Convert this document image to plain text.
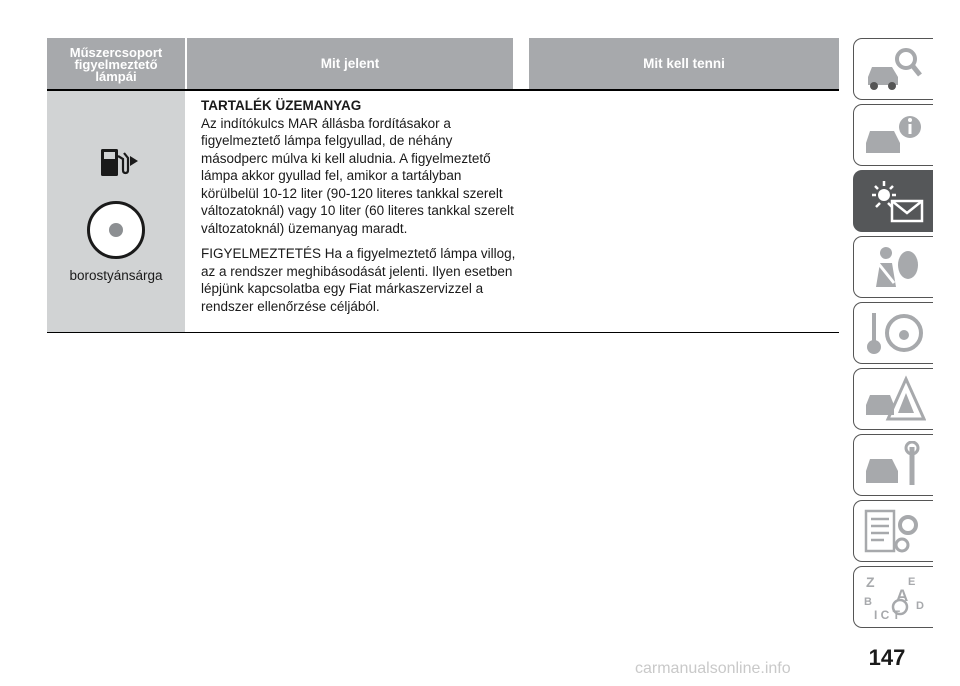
Műszercsoport
figyelmeztető
lámpái
Mit jelent	Mit kell tenni
borostyánsárga

TARTALÉK ÜZEMANYAG

Az indítókulcs MAR állásba fordításakor a figyelmeztető lámpa felgyullad, de néhány másodperc múlva ki kell aludnia. A figyelmeztető lámpa akkor gyullad fel, amikor a tartályban körülbelül 10-12 liter (90-120 literes tankkal szerelt változatoknál) vagy 10 liter (60 literes tankkal szerelt változatoknál) üzemanyag maradt.

FIGYELMEZTETÉS Ha a figyelmeztető lámpa villog, az a rendszer meghibásodását jelenti. Ilyen esetben lépjünk kapcsolatba egy Fiat márkaszervizzel a rendszer ellenőrzése céljából.

Z	E
B A
D
I C T
147
carmanualsonline.info
